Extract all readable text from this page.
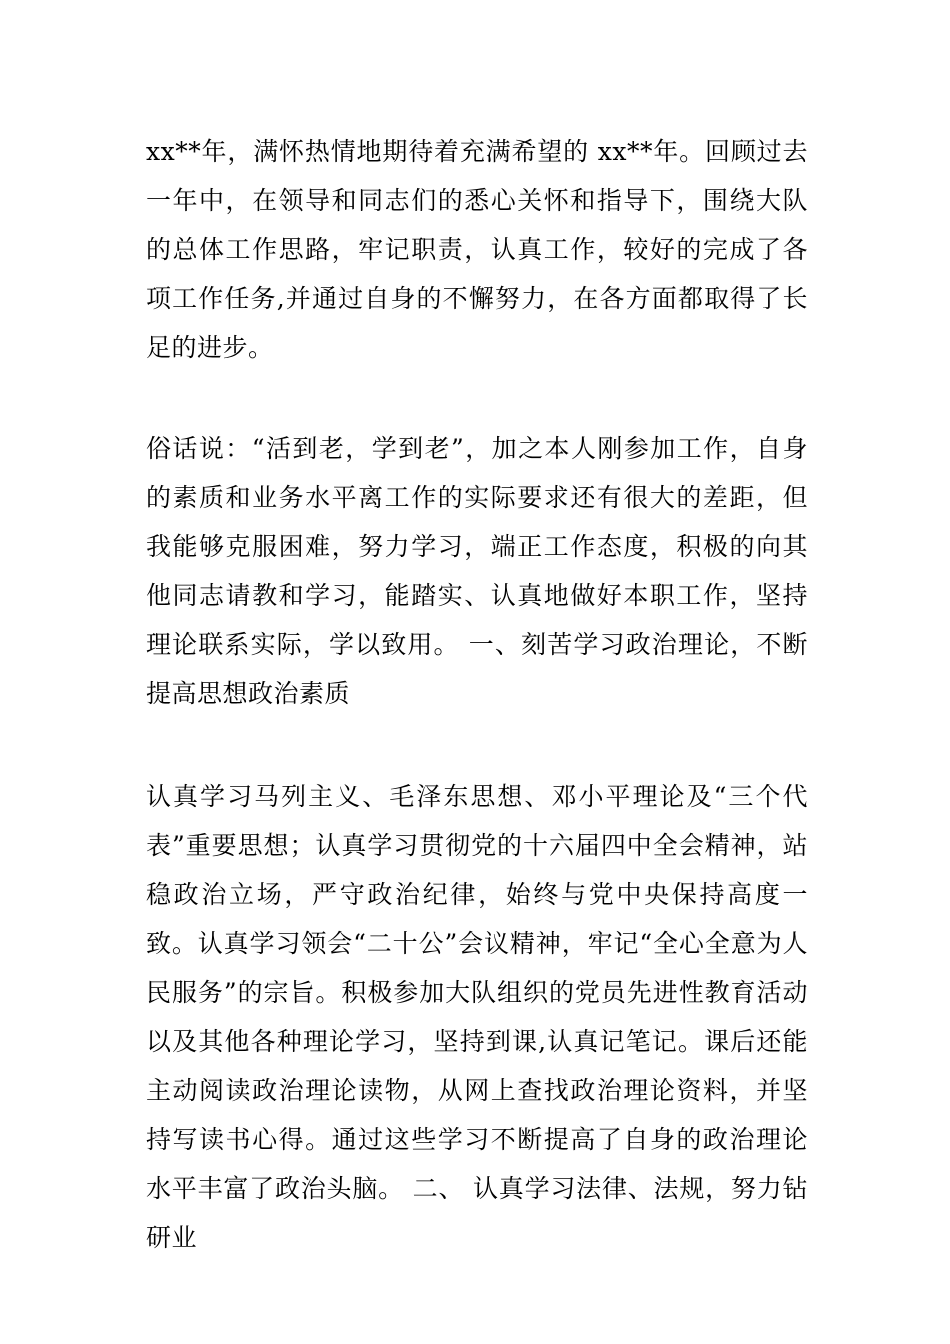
xx**年，满怀热情地期待着充满希望的 xx**年。回顾过去一年中，在领导和同志们的悉心关怀和指导下，围绕大队的总体工作思路，牢记职责，认真工作，较好的完成了各项工作任务,并通过自身的不懈努力，在各方面都取得了长足的进步。

俗话说：“活到老，学到老”，加之本人刚参加工作，自身的素质和业务水平离工作的实际要求还有很大的差距，但我能够克服困难，努力学习，端正工作态度，积极的向其他同志请教和学习，能踏实、认真地做好本职工作，坚持理论联系实际，学以致用。 一、刻苦学习政治理论，不断提高思想政治素质

认真学习马列主义、毛泽东思想、邓小平理论及“三个代表”重要思想；认真学习贯彻党的十六届四中全会精神，站稳政治立场，严守政治纪律，始终与党中央保持高度一致。认真学习领会“二十公”会议精神，牢记“全心全意为人民服务”的宗旨。积极参加大队组织的党员先进性教育活动以及其他各种理论学习，坚持到课,认真记笔记。课后还能主动阅读政治理论读物，从网上查找政治理论资料，并坚持写读书心得。通过这些学习不断提高了自身的政治理论水平丰富了政治头脑。 二、 认真学习法律、法规，努力钻研业
